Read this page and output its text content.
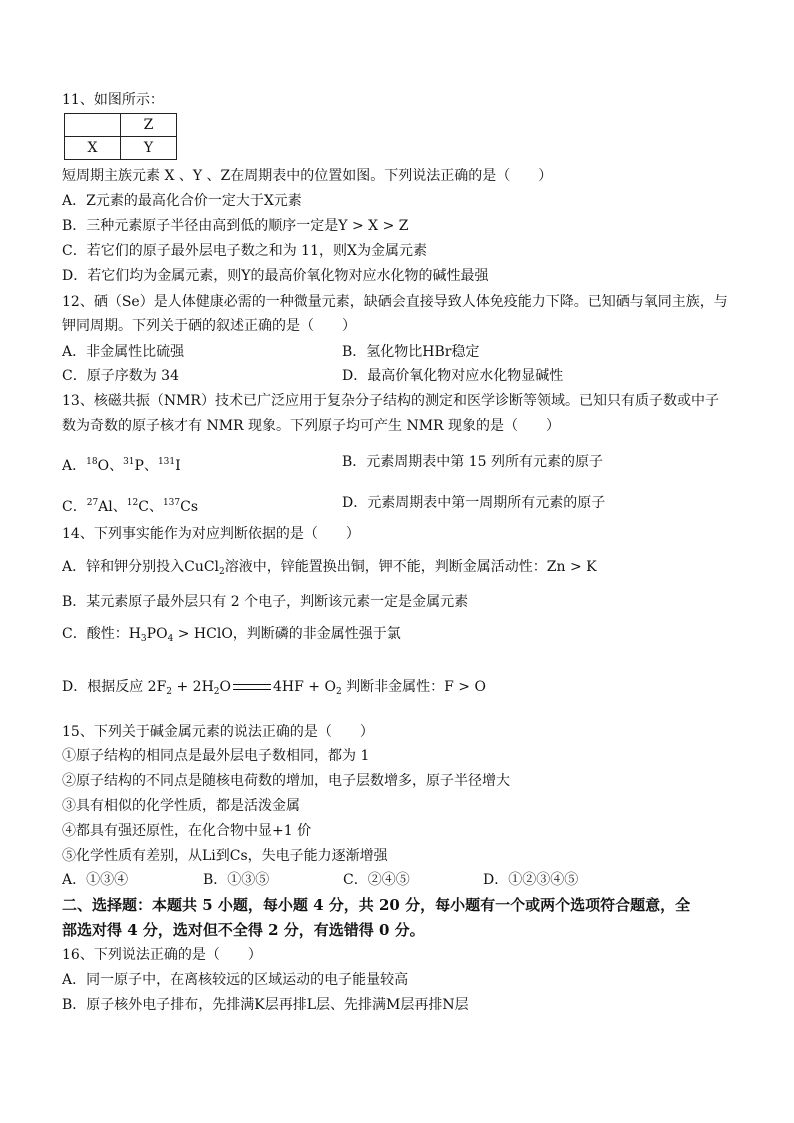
11、如图所示：
	Z
X	Y
短周期主族元素 X 、Y 、Z在周期表中的位置如图。下列说法正确的是（　　）
A．Z元素的最高化合价一定大于X元素
B．三种元素原子半径由高到低的顺序一定是Y > X > Z
C．若它们的原子最外层电子数之和为 11，则X为金属元素
D．若它们均为金属元素，则Y的最高价氧化物对应水化物的碱性最强
12、硒（Se）是人体健康必需的一种微量元素，缺硒会直接导致人体免疫能力下降。已知硒与氧同主族，与
钾同周期。下列关于硒的叙述正确的是（　　）
A．非金属性比硫强	B．氢化物比HBr稳定
C．原子序数为 34	D．最高价氧化物对应水化物显碱性
13、核磁共振（NMR）技术已广泛应用于复杂分子结构的测定和医学诊断等领域。已知只有质子数或中子
数为奇数的原子核才有 NMR 现象。下列原子均可产生 NMR 现象的是（　　）
A．$^{18}$O、$^{31}$P、$^{131}$I	B．元素周期表中第 15 列所有元素的原子
C．$^{27}$Al、$^{12}$C、$^{137}$Cs	D．元素周期表中第一周期所有元素的原子
14、下列事实能作为对应判断依据的是（　　）
A．锌和钾分别投入CuCl$_2$溶液中，锌能置换出铜，钾不能，判断金属活动性：Zn > K
B．某元素原子最外层只有 2 个电子，判断该元素一定是金属元素
C．酸性：$H_3PO_4$ > HClO，判断磷的非金属性强于氯
D．根据反应 $2F_2 + 2H_2O$	$4HF + O_2$ 判断非金属性：F > O
15、下列关于碱金属元素的说法正确的是（　　）
①原子结构的相同点是最外层电子数相同，都为 1
②原子结构的不同点是随核电荷数的增加，电子层数增多，原子半径增大
③具有相似的化学性质，都是活泼金属
④都具有强还原性，在化合物中显+1 价
⑤化学性质有差别，从Li到Cs，失电子能力逐渐增强
A．①③④	B．①③⑤	C．②④⑤	D．①②③④⑤
二、选择题：本题共 5 小题，每小题 4 分，共 20 分，每小题有一个或两个选项符合题意，全
部选对得 4 分，选对但不全得 2 分，有选错得 0 分。
16、下列说法正确的是（　　）
A．同一原子中，在离核较远的区域运动的电子能量较高
B．原子核外电子排布，先排满K层再排L层、先排满M层再排N层
